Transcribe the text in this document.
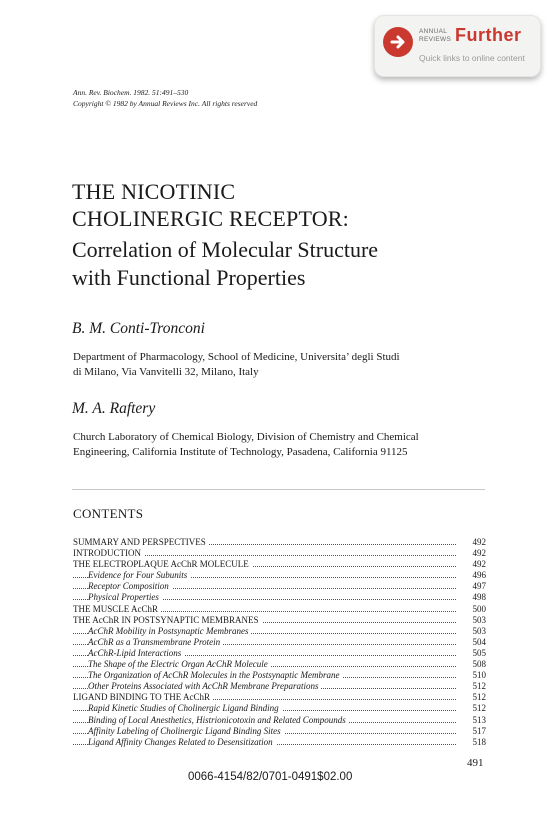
ANNUAL
REVIEWS Further
Quick links to online content
Ann. Rev. Biochem. 1982. 51:491–530
Copyright © 1982 by Annual Reviews Inc. All rights reserved
THE NICOTINIC
CHOLINERGIC RECEPTOR:
Correlation of Molecular Structure
with Functional Properties
B. M. Conti-Tronconi
Department of Pharmacology, School of Medicine, Universita’ degli Studi
di Milano, Via Vanvitelli 32, Milano, Italy
M. A. Raftery
Church Laboratory of Chemical Biology, Division of Chemistry and Chemical
Engineering, California Institute of Technology, Pasadena, California 91125
CONTENTS
SUMMARY AND PERSPECTIVES	492
INTRODUCTION	492
THE ELECTROPLAQUE AcChR MOLECULE	492
Evidence for Four Subunits	496
Receptor Composition	497
Physical Properties	498
THE MUSCLE AcChR	500
THE AcChR IN POSTSYNAPTIC MEMBRANES	503
AcChR Mobility in Postsynaptic Membranes	503
AcChR as a Transmembrane Protein	504
AcChR-Lipid Interactions	505
The Shape of the Electric Organ AcChR Molecule	508
The Organization of AcChR Molecules in the Postsynaptic Membrane	510
Other Proteins Associated with AcChR Membrane Preparations	512
LIGAND BINDING TO THE AcChR	512
Rapid Kinetic Studies of Cholinergic Ligand Binding	512
Binding of Local Anesthetics, Histrionicotoxin and Related Compounds	513
Affinity Labeling of Cholinergic Ligand Binding Sites	517
Ligand Affinity Changes Related to Desensitization	518
491
0066-4154/82/0701-0491$02.00
